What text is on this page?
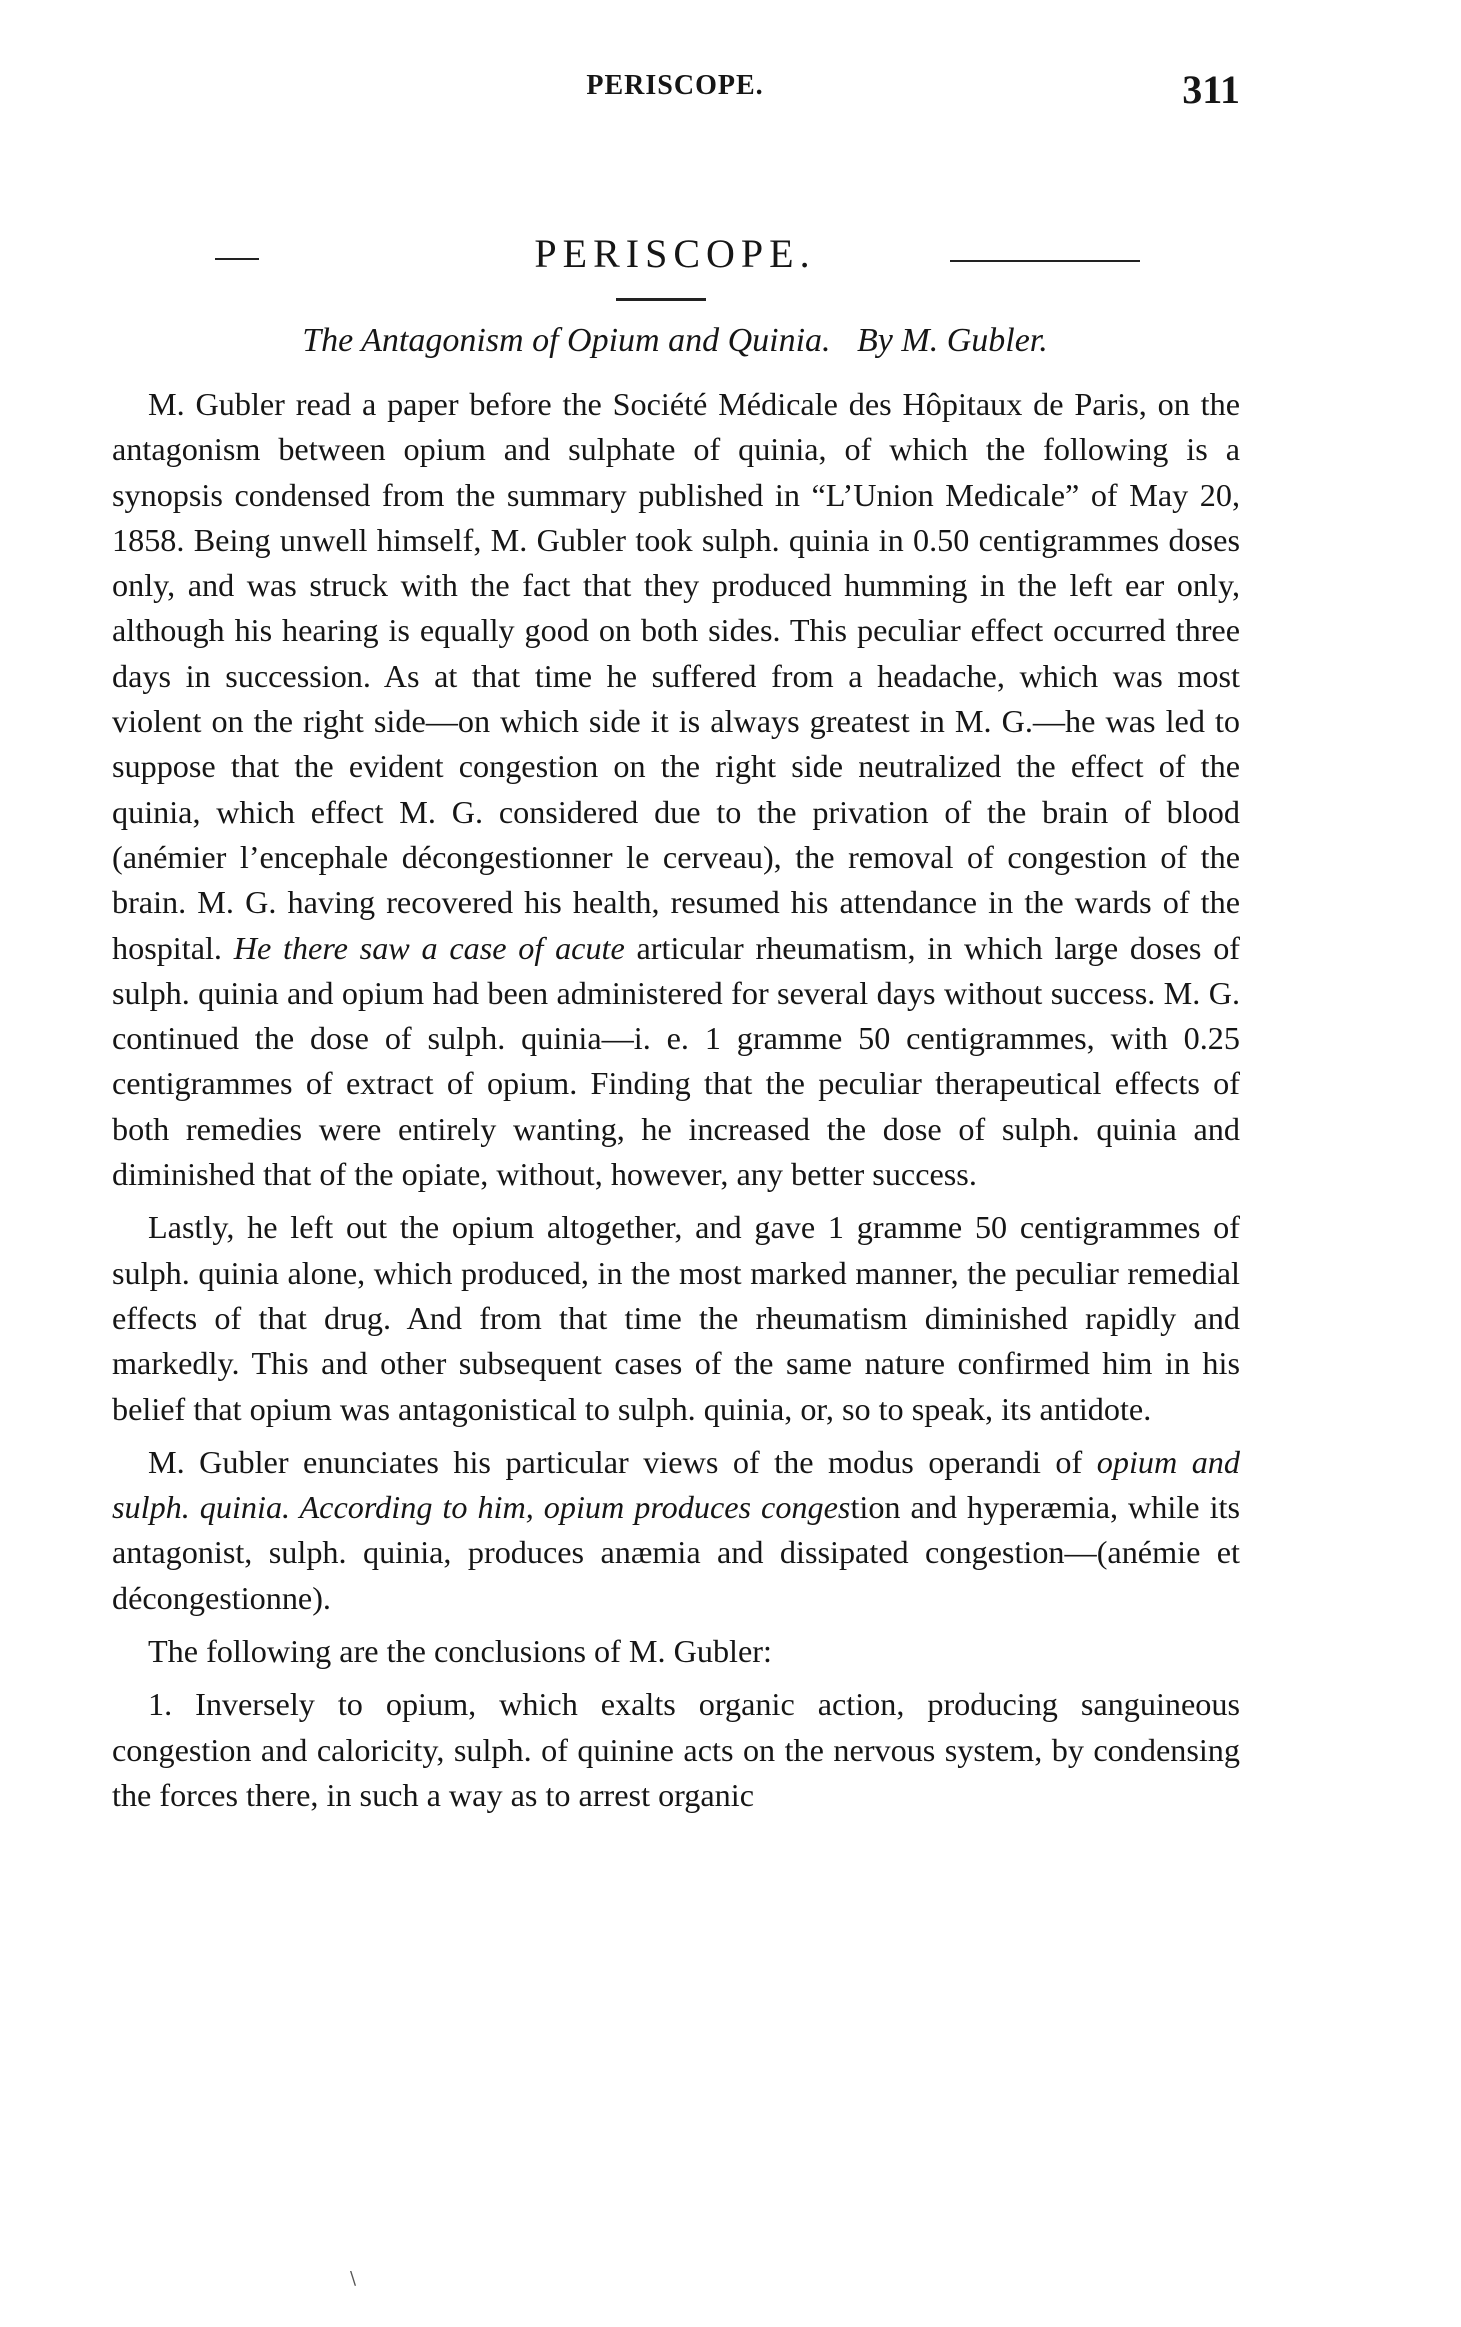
PERISCOPE.	311
PERISCOPE.
The Antagonism of Opium and Quinia. By M. Gubler.

M. Gubler read a paper before the Société Médicale des Hôpitaux de Paris, on the antagonism between opium and sulphate of quinia, of which the following is a synopsis condensed from the summary published in “L’Union Medicale” of May 20, 1858. Being unwell himself, M. Gubler took sulph. quinia in 0.50 centigrammes doses only, and was struck with the fact that they produced humming in the left ear only, although his hearing is equally good on both sides. This peculiar effect occurred three days in succession. As at that time he suffered from a headache, which was most violent on the right side—on which side it is always greatest in M. G.—he was led to suppose that the evident congestion on the right side neutralized the effect of the quinia, which effect M. G. considered due to the privation of the brain of blood (anémier l’encephale décongestionner le cerveau), the removal of congestion of the brain. M. G. having recovered his health, resumed his attendance in the wards of the hospital. He there saw a case of acute articular rheumatism, in which large doses of sulph. quinia and opium had been administered for several days without success. M. G. continued the dose of sulph. quinia—i. e. 1 gramme 50 centigrammes, with 0.25 centigrammes of extract of opium. Finding that the peculiar therapeutical effects of both remedies were entirely wanting, he increased the dose of sulph. quinia and diminished that of the opiate, without, however, any better success.

Lastly, he left out the opium altogether, and gave 1 gramme 50 centigrammes of sulph. quinia alone, which produced, in the most marked manner, the peculiar remedial effects of that drug. And from that time the rheumatism diminished rapidly and markedly. This and other subsequent cases of the same nature confirmed him in his belief that opium was antagonistical to sulph. quinia, or, so to speak, its antidote.

M. Gubler enunciates his particular views of the modus operandi of opium and sulph. quinia. According to him, opium produces congestion and hyperæmia, while its antagonist, sulph. quinia, produces anæmia and dissipated congestion—(anémie et décongestionne).

The following are the conclusions of M. Gubler:

1. Inversely to opium, which exalts organic action, producing sanguineous congestion and caloricity, sulph. of quinine acts on the nervous system, by condensing the forces there, in such a way as to arrest organic

\
